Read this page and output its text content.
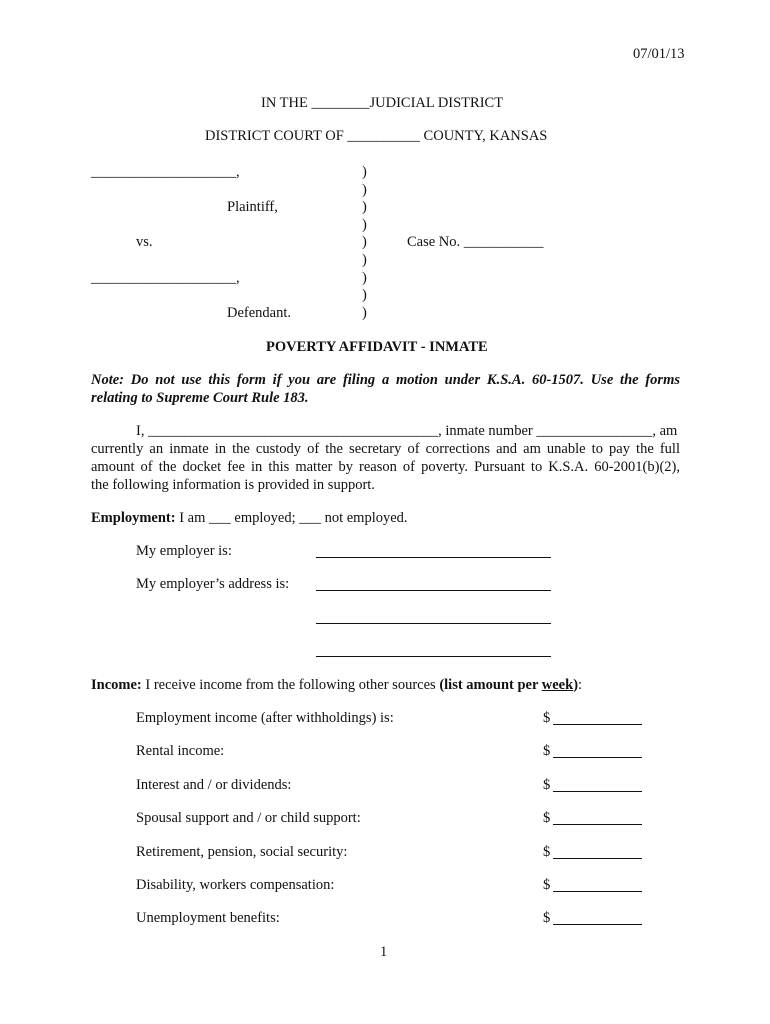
07/01/13
IN THE ________JUDICIAL DISTRICT
DISTRICT COURT OF __________ COUNTY, KANSAS
____________________,
Plaintiff,
vs.
____________________,
Defendant.
)
)
)
)
)
)
)
)
)
Case No. ___________
POVERTY AFFIDAVIT - INMATE
Note: Do not use this form if you are filing a motion under K.S.A. 60-1507. Use the forms
relating to Supreme Court Rule 183.
I, ________________________________________, inmate number ________________, am
currently an inmate in the custody of the secretary of corrections and am unable to pay the full
amount of the docket fee in this matter by reason of poverty. Pursuant to K.S.A. 60-2001(b)(2),
the following information is provided in support.
Employment: I am ___ employed; ___ not employed.
My employer is:
My employer’s address is:
Income: I receive income from the following other sources (list amount per week):
Employment income (after withholdings) is:	$
Rental income:	$
Interest and / or dividends:	$
Spousal support and / or child support:	$
Retirement, pension, social security:	$
Disability, workers compensation:	$
Unemployment benefits:	$
1
